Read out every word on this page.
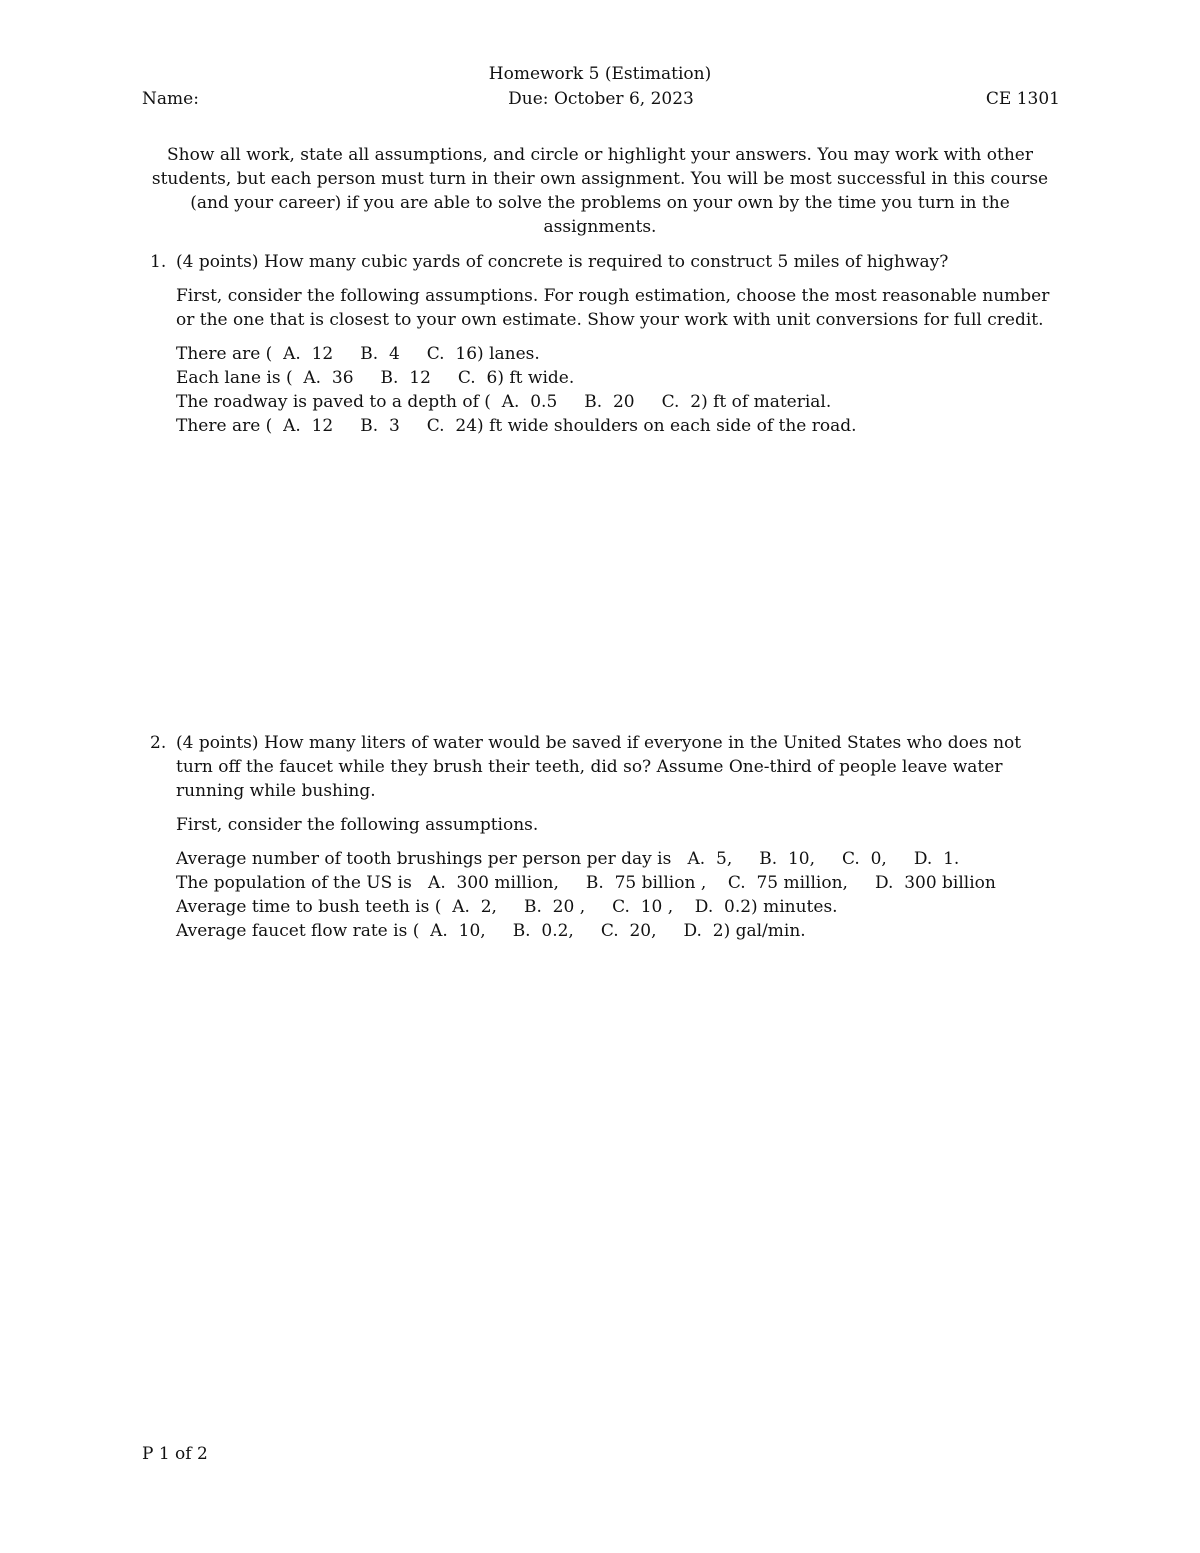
Homework 5 (Estimation)
Due: October 6, 2023
Name:	CE 1301
Show all work, state all assumptions, and circle or highlight your answers. You may work with other students, but each person must turn in their own assignment. You will be most successful in this course (and your career) if you are able to solve the problems on your own by the time you turn in the assignments.
1. (4 points) How many cubic yards of concrete is required to construct 5 miles of highway?

First, consider the following assumptions. For rough estimation, choose the most reasonable number or the one that is closest to your own estimate. Show your work with unit conversions for full credit.

There are (  A.  12     B.  4     C.  16) lanes.
Each lane is (  A.  36     B.  12     C.  6) ft wide.
The roadway is paved to a depth of (  A.  0.5     B.  20     C.  2) ft of material.
There are (  A.  12     B.  3     C.  24) ft wide shoulders on each side of the road.
2. (4 points) How many liters of water would be saved if everyone in the United States who does not turn off the faucet while they brush their teeth, did so? Assume One-third of people leave water running while bushing.

First, consider the following assumptions.

Average number of tooth brushings per person per day is   A.  5,     B.  10,     C.  0,     D.  1.
The population of the US is   A.  300 million,     B.  75 billion ,    C.  75 million,     D.  300 billion
Average time to bush teeth is (  A.  2,     B.  20 ,     C.  10 ,    D.  0.2) minutes.
Average faucet flow rate is (  A.  10,     B.  0.2,     C.  20,     D.  2) gal/min.
P 1 of 2
